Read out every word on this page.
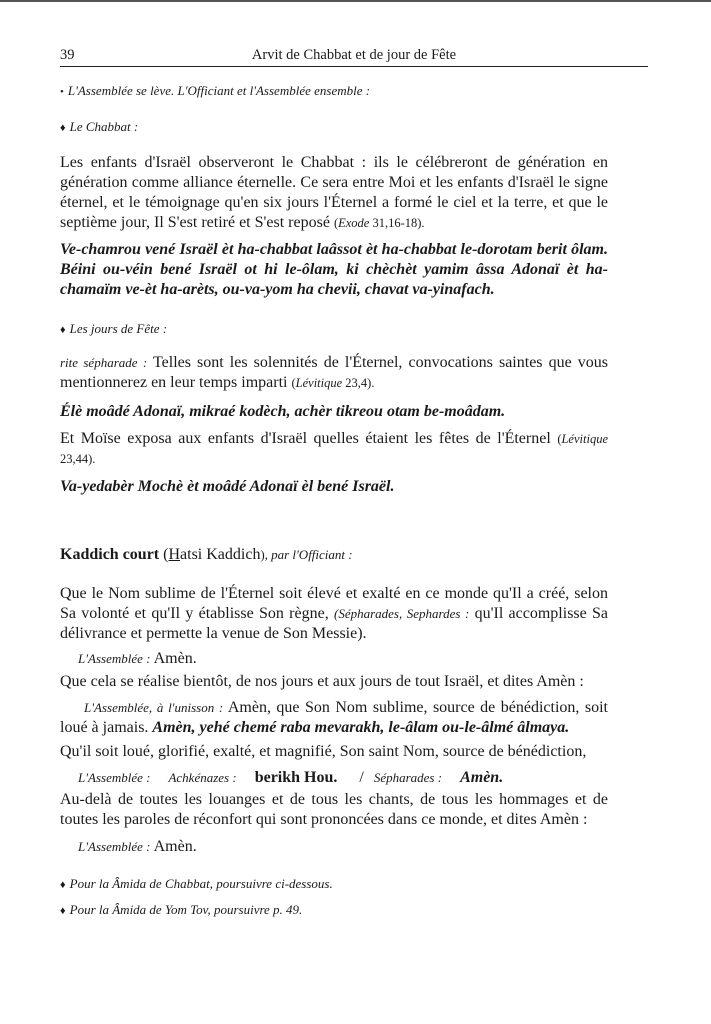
39	Arvit de Chabbat et de jour de Fête

• L'Assemblée se lève. L'Officiant et l'Assemblée ensemble :

♦ Le Chabbat :

Les enfants d'Israël observeront le Chabbat : ils le célébreront de génération en génération comme alliance éternelle. Ce sera entre Moi et les enfants d'Israël le signe éternel, et le témoignage qu'en six jours l'Éternel a formé le ciel et la terre, et que le septième jour, Il S'est retiré et S'est reposé (Exode 31,16-18).

Ve-chamrou vené Israël èt ha-chabbat laâssot èt ha-chabbat le-dorotam berit ôlam. Béini ou-véin bené Israël ot hi le-ôlam, ki chèchèt yamim âssa Adonaï èt ha-chamaïm ve-èt ha-arèts, ou-va-yom ha chevii, chavat va-yinafach.

♦ Les jours de Fête :

rite sépharade : Telles sont les solennités de l'Éternel, convocations saintes que vous mentionnerez en leur temps imparti (Lévitique 23,4).

Élè moâdé Adonaï, mikraé kodèch, achèr tikreou otam be-moâdam.

Et Moïse exposa aux enfants d'Israël quelles étaient les fêtes de l'Éternel (Lévitique 23,44).

Va-yedabèr Mochè èt moâdé Adonaï èl bené Israël.

Kaddich court (Hatsi Kaddich), par l'Officiant :

Que le Nom sublime de l'Éternel soit élevé et exalté en ce monde qu'Il a créé, selon Sa volonté et qu'Il y établisse Son règne, (Sépharades, Sephardes : qu'Il accomplisse Sa délivrance et permette la venue de Son Messie).

L'Assemblée : Amèn.

Que cela se réalise bientôt, de nos jours et aux jours de tout Israël, et dites Amèn :

L'Assemblée, à l'unisson : Amèn, que Son Nom sublime, source de bénédiction, soit loué à jamais. Amèn, yehé chemé raba mevarakh, le-âlam ou-le-âlmé âlmaya.

Qu'il soit loué, glorifié, exalté, et magnifié, Son saint Nom, source de bénédiction,

L'Assemblée : Achkénazes : berikh Hou. / Sépharades : Amèn.

Au-delà de toutes les louanges et de tous les chants, de tous les hommages et de toutes les paroles de réconfort qui sont prononcées dans ce monde, et dites Amèn :

L'Assemblée : Amèn.

♦ Pour la Âmida de Chabbat, poursuivre ci-dessous.

♦ Pour la Âmida de Yom Tov, poursuivre p. 49.
